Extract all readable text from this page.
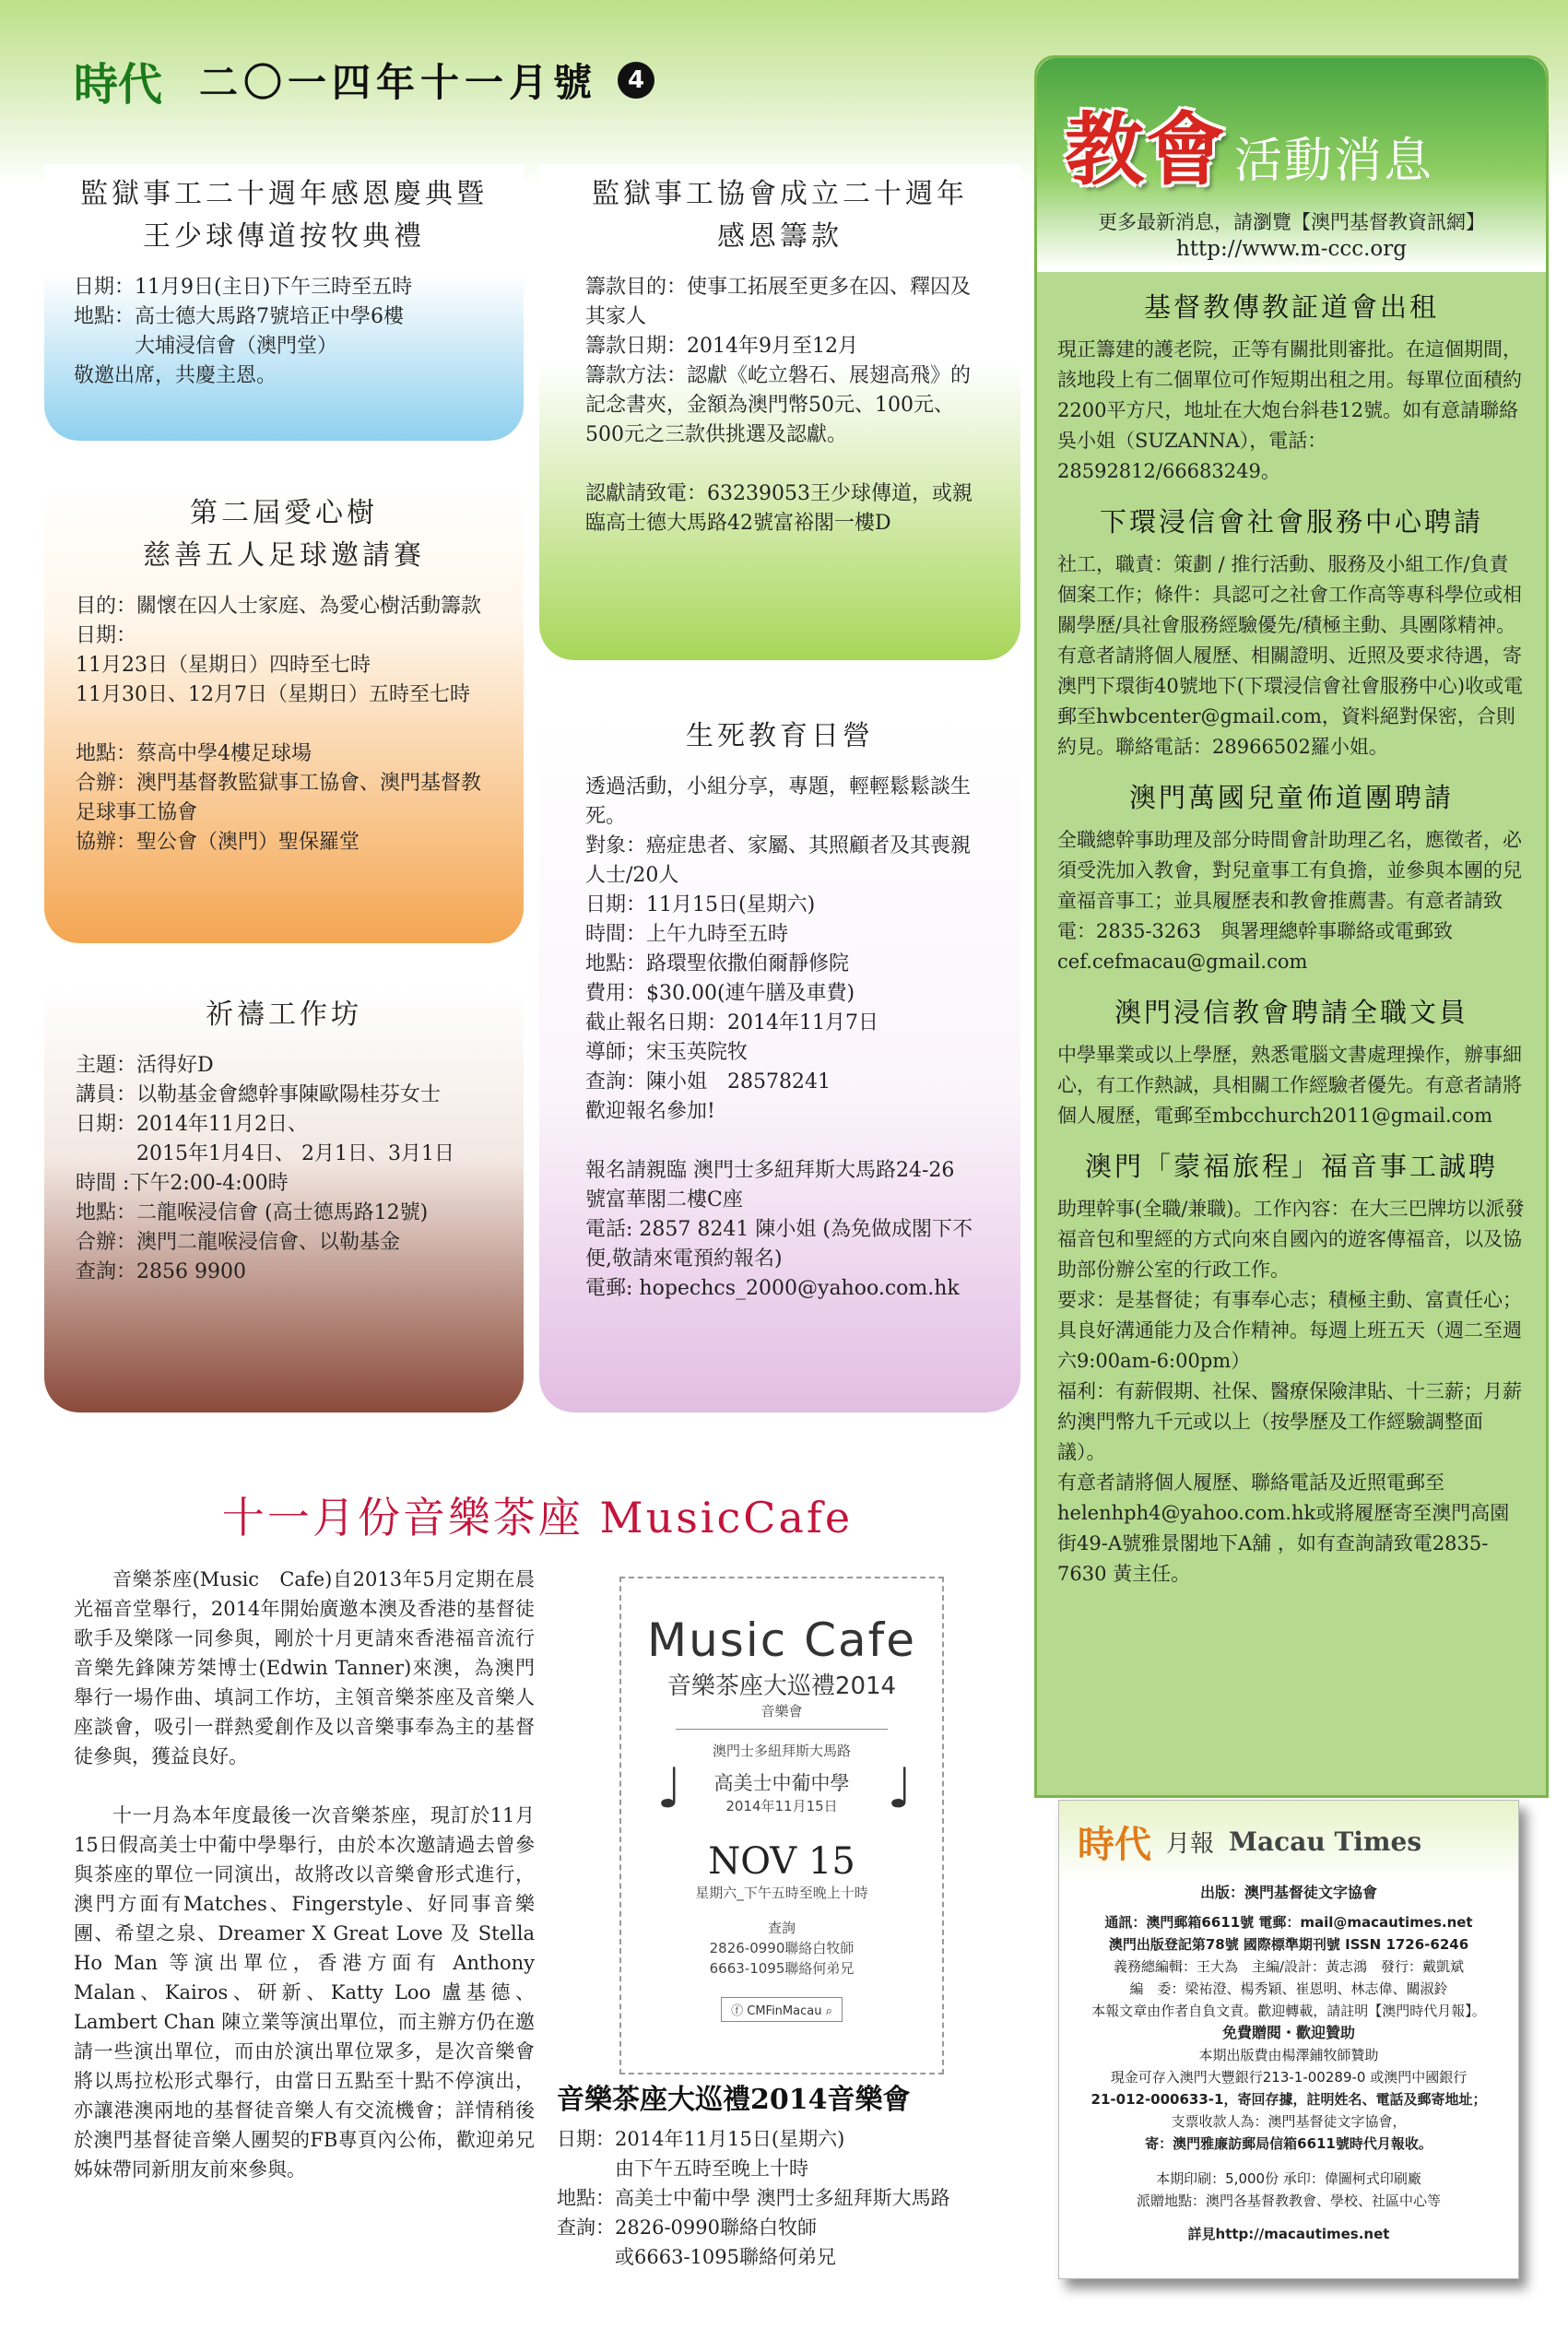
時代 二〇一四年十一月號	4
監獄事工二十週年感恩慶典暨
王少球傳道按牧典禮

日期：11月9日(主日)下午三時至五時
地點：高士德大馬路7號培正中學6樓
　　　大埔浸信會（澳門堂）
敬邀出席，共慶主恩。

第二屆愛心樹
慈善五人足球邀請賽

目的：關懷在囚人士家庭、為愛心樹活動籌款
日期：
11月23日（星期日）四時至七時
11月30日、12月7日（星期日）五時至七時

地點：蔡高中學4樓足球場
合辦：澳門基督教監獄事工協會、澳門基督教足球事工協會
協辦：聖公會（澳門）聖保羅堂

祈禱工作坊

主題：活得好D
講員：以勒基金會總幹事陳歐陽桂芬女士
日期：2014年11月2日、
　　　2015年1月4日、 2月1日、3月1日
時間 :下午2:00-4:00時
地點：二龍喉浸信會 (高士德馬路12號)
合辦：澳門二龍喉浸信會、以勒基金
查詢：2856 9900

監獄事工協會成立二十週年
感恩籌款

籌款目的：使事工拓展至更多在囚、釋囚及其家人
籌款日期：2014年9月至12月
籌款方法：認獻《屹立磐石、展翅高飛》的記念書夾，金額為澳門幣50元、100元、500元之三款供挑選及認獻。

認獻請致電：63239053王少球傳道，或親臨高士德大馬路42號富裕閣一樓D

生死教育日營

透過活動，小組分享，專題，輕輕鬆鬆談生死。
對象：癌症患者、家屬、其照顧者及其喪親人士/20人
日期：11月15日(星期六)
時間：上午九時至五時
地點：路環聖依撒伯爾靜修院
費用：$30.00(連午膳及車費)
截止報名日期：2014年11月7日
導師；宋玉英院牧
查詢：陳小姐　28578241
歡迎報名參加!

報名請親臨 澳門士多紐拜斯大馬路24-26號富華閣二樓C座
電話: 2857 8241 陳小姐 (為免做成閣下不便,敬請來電預約報名)
電郵: hopechcs_2000@yahoo.com.hk

教會 活動消息
更多最新消息，請瀏覽【澳門基督教資訊網】
http://www.m-ccc.org
基督教傳教証道會出租

現正籌建的護老院，正等有關批則審批。在這個期間，該地段上有二個單位可作短期出租之用。每單位面積約2200平方尺，地址在大炮台斜巷12號。如有意請聯絡吳小姐（SUZANNA），電話：28592812/66683249。

下環浸信會社會服務中心聘請

社工，職責：策劃 / 推行活動、服務及小組工作/負責個案工作；條件：具認可之社會工作高等專科學位或相關學歷/具社會服務經驗優先/積極主動、具團隊精神。有意者請將個人履歷、相關證明、近照及要求待遇，寄澳門下環街40號地下(下環浸信會社會服務中心)收或電郵至hwbcenter@gmail.com，資料絕對保密，合則約見。聯絡電話：28966502羅小姐。

澳門萬國兒童佈道團聘請

全職總幹事助理及部分時間會計助理乙名，應徵者，必須受洗加入教會，對兒童事工有負擔，並參與本團的兒童福音事工；並具履歷表和教會推薦書。有意者請致電：2835-3263　與署理總幹事聯絡或電郵致cef.cefmacau@gmail.com

澳門浸信教會聘請全職文員

中學畢業或以上學歷，熟悉電腦文書處理操作，辦事細心，有工作熱誠，具相關工作經驗者優先。有意者請將個人履歷，電郵至mbcchurch2011@gmail.com

澳門「蒙福旅程」福音事工誠聘

助理幹事(全職/兼職)。工作內容：在大三巴牌坊以派發福音包和聖經的方式向來自國內的遊客傳福音，以及協助部份辦公室的行政工作。
要求：是基督徒；有事奉心志；積極主動、富責任心；具良好溝通能力及合作精神。每週上班五天（週二至週六9:00am-6:00pm）
福利：有薪假期、社保、醫療保險津貼、十三薪；月薪約澳門幣九千元或以上（按學歷及工作經驗調整面議）。
有意者請將個人履歷、聯絡電話及近照電郵至helenhph4@yahoo.com.hk或將履歷寄至澳門高園街49-A號雅景閣地下A舖 ，如有查詢請致電2835-7630 黃主任。

十一月份音樂茶座 MusicCafe

音樂茶座(Music　Cafe)自2013年5月定期在晨光福音堂舉行，2014年開始廣邀本澳及香港的基督徒歌手及樂隊一同參與，剛於十月更請來香港福音流行音樂先鋒陳芳桀博士(Edwin Tanner)來澳，為澳門舉行一場作曲、填詞工作坊，主領音樂茶座及音樂人座談會，吸引一群熱愛創作及以音樂事奉為主的基督徒參與，獲益良好。

十一月為本年度最後一次音樂茶座，現訂於11月15日假高美士中葡中學舉行，由於本次邀請過去曾參與茶座的單位一同演出，故將改以音樂會形式進行，澳門方面有Matches、Fingerstyle、好同事音樂團、希望之泉、Dreamer X Great Love 及 Stella Ho Man 等演出單位，香港方面有 Anthony Malan、Kairos、研新、Katty Loo 盧基德、Lambert Chan 陳立業等演出單位，而主辦方仍在邀請一些演出單位，而由於演出單位眾多，是次音樂會將以馬拉松形式舉行，由當日五點至十點不停演出，亦讓港澳兩地的基督徒音樂人有交流機會；詳情稍後於澳門基督徒音樂人團契的FB專頁內公佈，歡迎弟兄姊妹帶同新朋友前來參與。

Music Cafe
音樂茶座大巡禮2014
音樂會
澳門士多紐拜斯大馬路
高美士中葡中學
2014年11月15日
NOV 15
星期六_下午五時至晚上十時
查詢
2826-0990聯絡白牧師
6663-1095聯絡何弟兄
ⓕ CMFinMacau ⌕
♩	♩
音樂茶座大巡禮2014音樂會

日期：2014年11月15日(星期六)
　　　由下午五時至晚上十時
地點：高美士中葡中學 澳門士多紐拜斯大馬路
查詢：2826-0990聯絡白牧師
　　　或6663-1095聯絡何弟兄

時代 月報 Macau Times

出版：澳門基督徒文字協會

通訊：澳門郵箱6611號 電郵：mail@macautimes.net

澳門出版登記第78號 國際標準期刊號 ISSN 1726-6246

義務總編輯：王大為　主編/設計：黃志鴻　發行：戴凱斌

編　委：梁祐澄、楊秀穎、崔恩明、林志偉、關淑鈴

本報文章由作者自負文責。歡迎轉載，請註明【澳門時代月報】。

免費贈閱・歡迎贊助

本期出版費由楊澤鋪牧師贊助

現金可存入澳門大豐銀行213-1-00289-0 或澳門中國銀行

21-012-000633-1，寄回存據，註明姓名、電話及郵寄地址；

支票收款人為：澳門基督徒文字協會，

寄：澳門雅廉訪郵局信箱6611號時代月報收。

本期印刷：5,000份 承印：偉圖柯式印刷廠

派贈地點：澳門各基督教教會、學校、社區中心等

詳見http://macautimes.net
